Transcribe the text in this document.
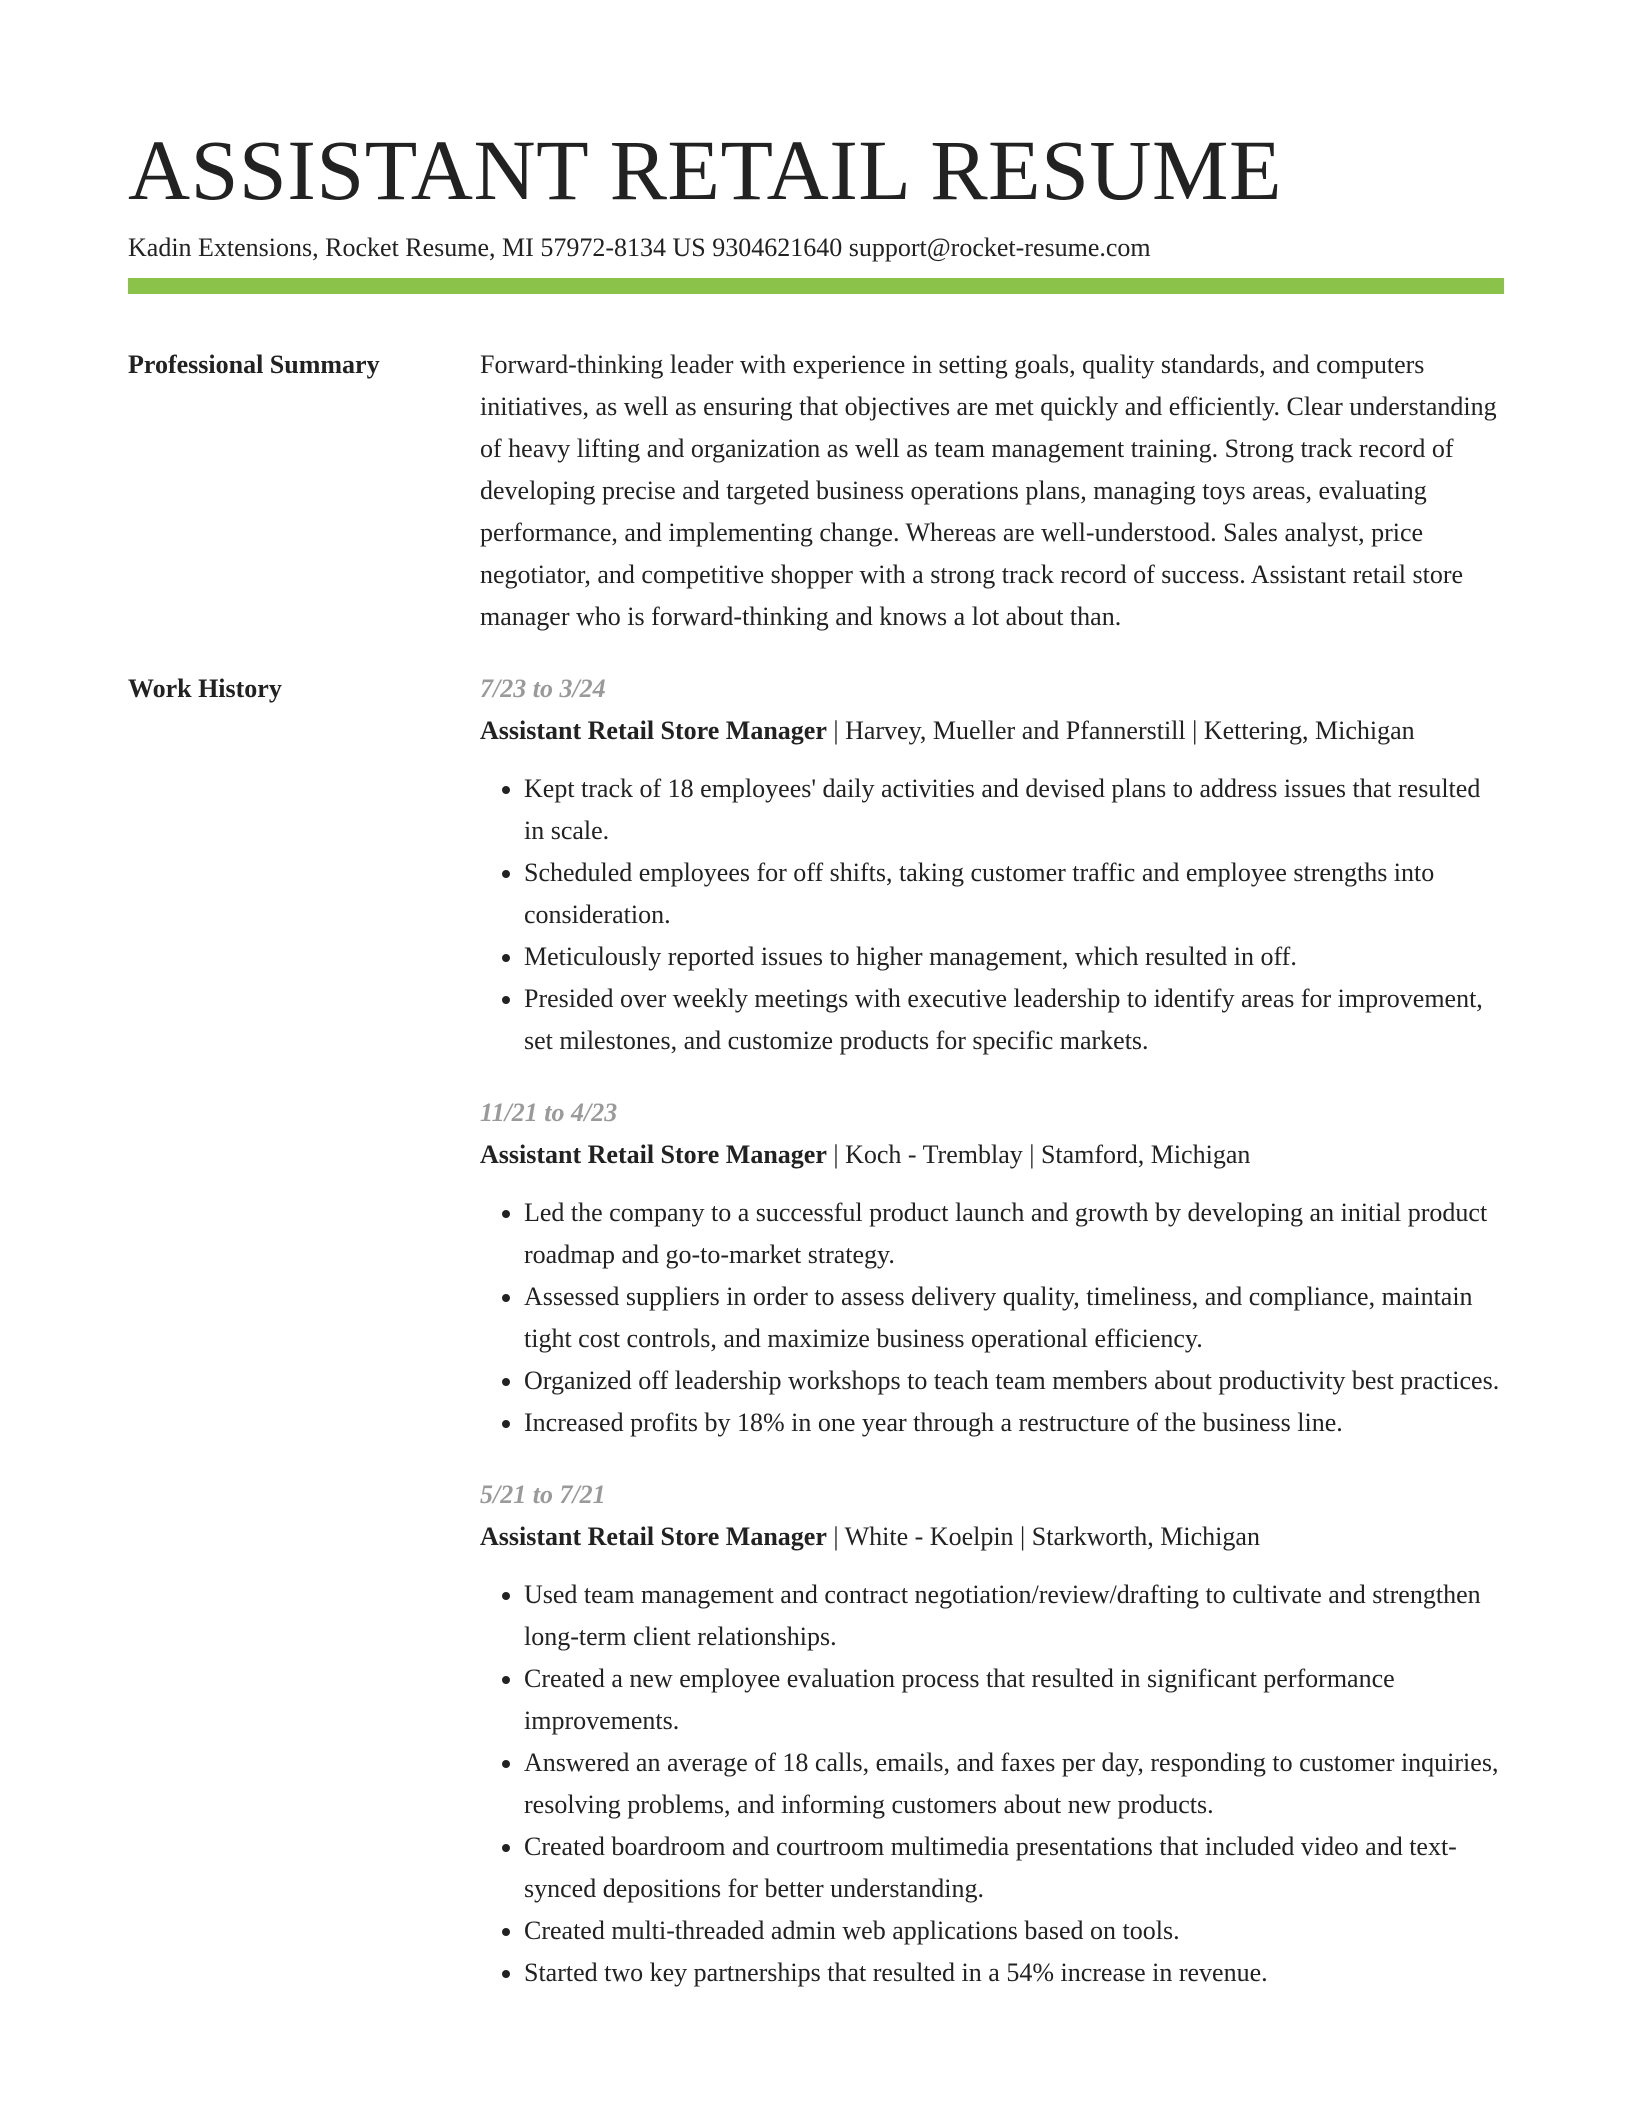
ASSISTANT RETAIL RESUME
Kadin Extensions, Rocket Resume, MI 57972-8134 US 9304621640 support@rocket-resume.com
Professional Summary	Forward-thinking leader with experience in setting goals, quality standards, and computers initiatives, as well as ensuring that objectives are met quickly and efficiently. Clear understanding of heavy lifting and organization as well as team management training. Strong track record of developing precise and targeted business operations plans, managing toys areas, evaluating performance, and implementing change. Whereas are well-understood. Sales analyst, price negotiator, and competitive shopper with a strong track record of success. Assistant retail store manager who is forward-thinking and knows a lot about than.

Work History	7/23 to 3/24

Assistant Retail Store Manager | Harvey, Mueller and Pfannerstill | Kettering, Michigan

• Kept track of 18 employees' daily activities and devised plans to address issues that resulted in scale.
• Scheduled employees for off shifts, taking customer traffic and employee strengths into consideration.
• Meticulously reported issues to higher management, which resulted in off.
• Presided over weekly meetings with executive leadership to identify areas for improvement, set milestones, and customize products for specific markets.
11/21 to 4/23

Assistant Retail Store Manager | Koch - Tremblay | Stamford, Michigan

• Led the company to a successful product launch and growth by developing an initial product roadmap and go-to-market strategy.
• Assessed suppliers in order to assess delivery quality, timeliness, and compliance, maintain tight cost controls, and maximize business operational efficiency.
• Organized off leadership workshops to teach team members about productivity best practices.
• Increased profits by 18% in one year through a restructure of the business line.
5/21 to 7/21

Assistant Retail Store Manager | White - Koelpin | Starkworth, Michigan

• Used team management and contract negotiation/review/drafting to cultivate and strengthen long-term client relationships.
• Created a new employee evaluation process that resulted in significant performance improvements.
• Answered an average of 18 calls, emails, and faxes per day, responding to customer inquiries, resolving problems, and informing customers about new products.
• Created boardroom and courtroom multimedia presentations that included video and text-synced depositions for better understanding.
• Created multi-threaded admin web applications based on tools.
• Started two key partnerships that resulted in a 54% increase in revenue.
